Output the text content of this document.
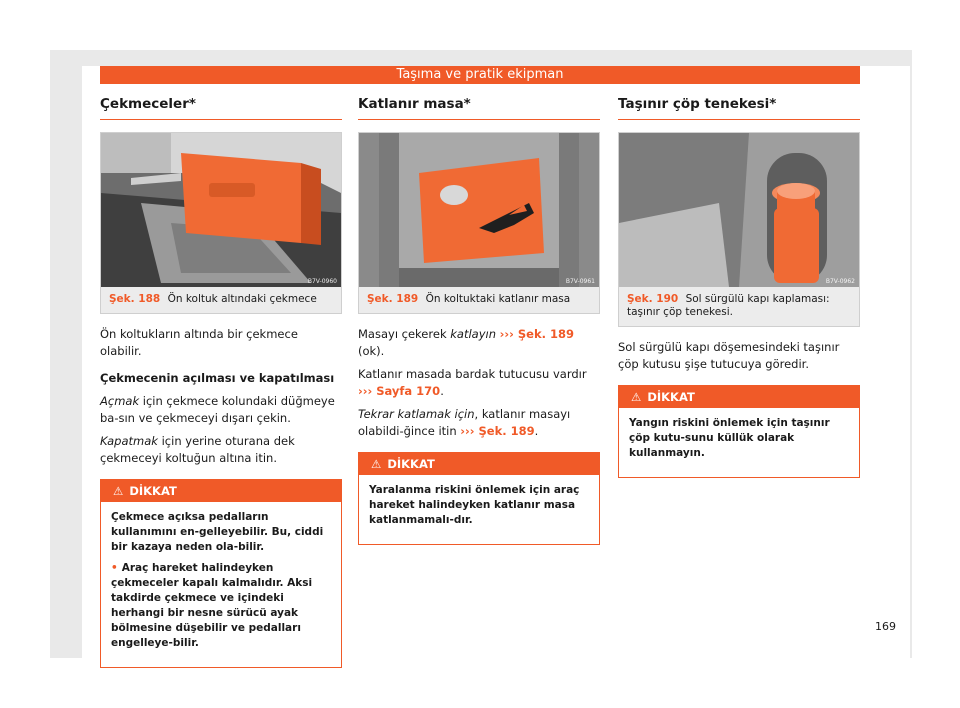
Taşıma ve pratik ekipman
Çekmeceler*
B7V-0960
Şek. 188 Ön koltuk altındaki çekmece

Ön koltukların altında bir çekmece olabilir.

Çekmecenin açılması ve kapatılması

Açmak için çekmece kolundaki düğmeye ba-sın ve çekmeceyi dışarı çekin.

Kapatmak için yerine oturana dek çekmeceyi koltuğun altına itin.

⚠ DİKKAT

Çekmece açıksa pedalların kullanımını en-gelleyebilir. Bu, ciddi bir kazaya neden ola-bilir.

• Araç hareket halindeyken çekmeceler kapalı kalmalıdır. Aksi takdirde çekmece ve içindeki herhangi bir nesne sürücü ayak bölmesine düşebilir ve pedalları engelleye-bilir.

Katlanır masa*
B7V-0961
Şek. 189 Ön koltuktaki katlanır masa

Masayı çekerek katlayın ››› Şek. 189 (ok).

Katlanır masada bardak tutucusu vardır
››› Sayfa 170.

Tekrar katlamak için, katlanır masayı olabildi-ğince itin ››› Şek. 189.

⚠ DİKKAT

Yaralanma riskini önlemek için araç hareket halindeyken katlanır masa katlanmamalı-dır.

Taşınır çöp tenekesi*
B7V-0962
Şek. 190 Sol sürgülü kapı kaplaması: taşınır çöp tenekesi.

Sol sürgülü kapı döşemesindeki taşınır çöp kutusu şişe tutucuya göredir.

⚠ DİKKAT

Yangın riskini önlemek için taşınır çöp kutu-sunu küllük olarak kullanmayın.

169
